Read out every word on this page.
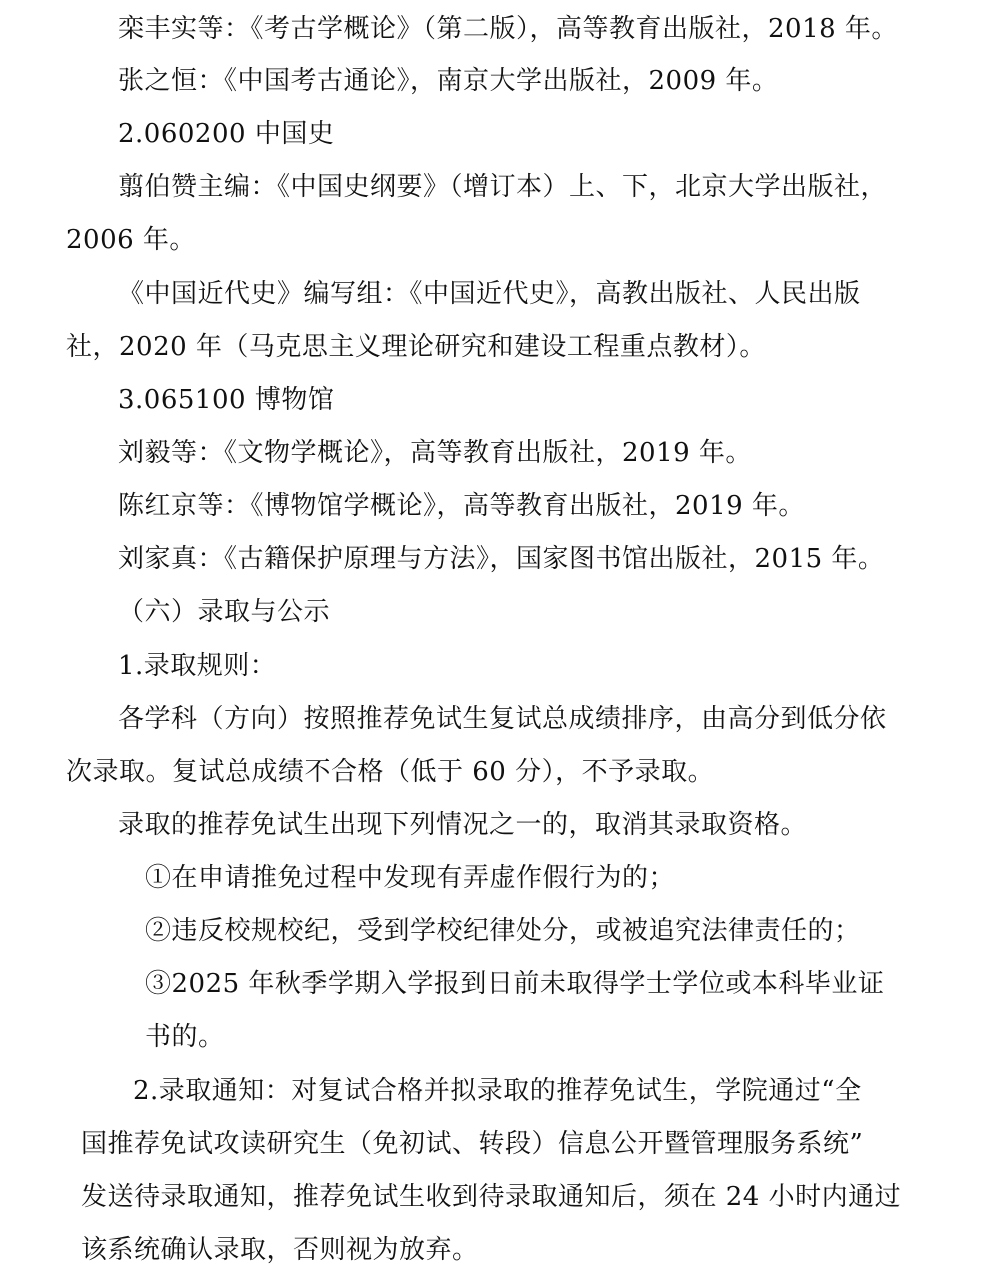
栾丰实等：《考古学概论》（第二版），高等教育出版社，2018 年。
张之恒：《中国考古通论》，南京大学出版社，2009 年。
2.060200 中国史
翦伯赞主编：《中国史纲要》（增订本）上、下，北京大学出版社，
2006 年。
《中国近代史》编写组：《中国近代史》，高教出版社、人民出版
社，2020 年（马克思主义理论研究和建设工程重点教材）。
3.065100 博物馆
刘毅等：《文物学概论》，高等教育出版社，2019 年。
陈红京等：《博物馆学概论》，高等教育出版社，2019 年。
刘家真：《古籍保护原理与方法》，国家图书馆出版社，2015 年。
（六）录取与公示
1.录取规则：
各学科（方向）按照推荐免试生复试总成绩排序，由高分到低分依
次录取。复试总成绩不合格（低于 60 分），不予录取。
录取的推荐免试生出现下列情况之一的，取消其录取资格。
①在申请推免过程中发现有弄虚作假行为的；
②违反校规校纪，受到学校纪律处分，或被追究法律责任的；
③2025 年秋季学期入学报到日前未取得学士学位或本科毕业证
书的。
2.录取通知：对复试合格并拟录取的推荐免试生，学院通过“全
国推荐免试攻读研究生（免初试、转段）信息公开暨管理服务系统”
发送待录取通知，推荐免试生收到待录取通知后，须在 24 小时内通过
该系统确认录取，否则视为放弃。
